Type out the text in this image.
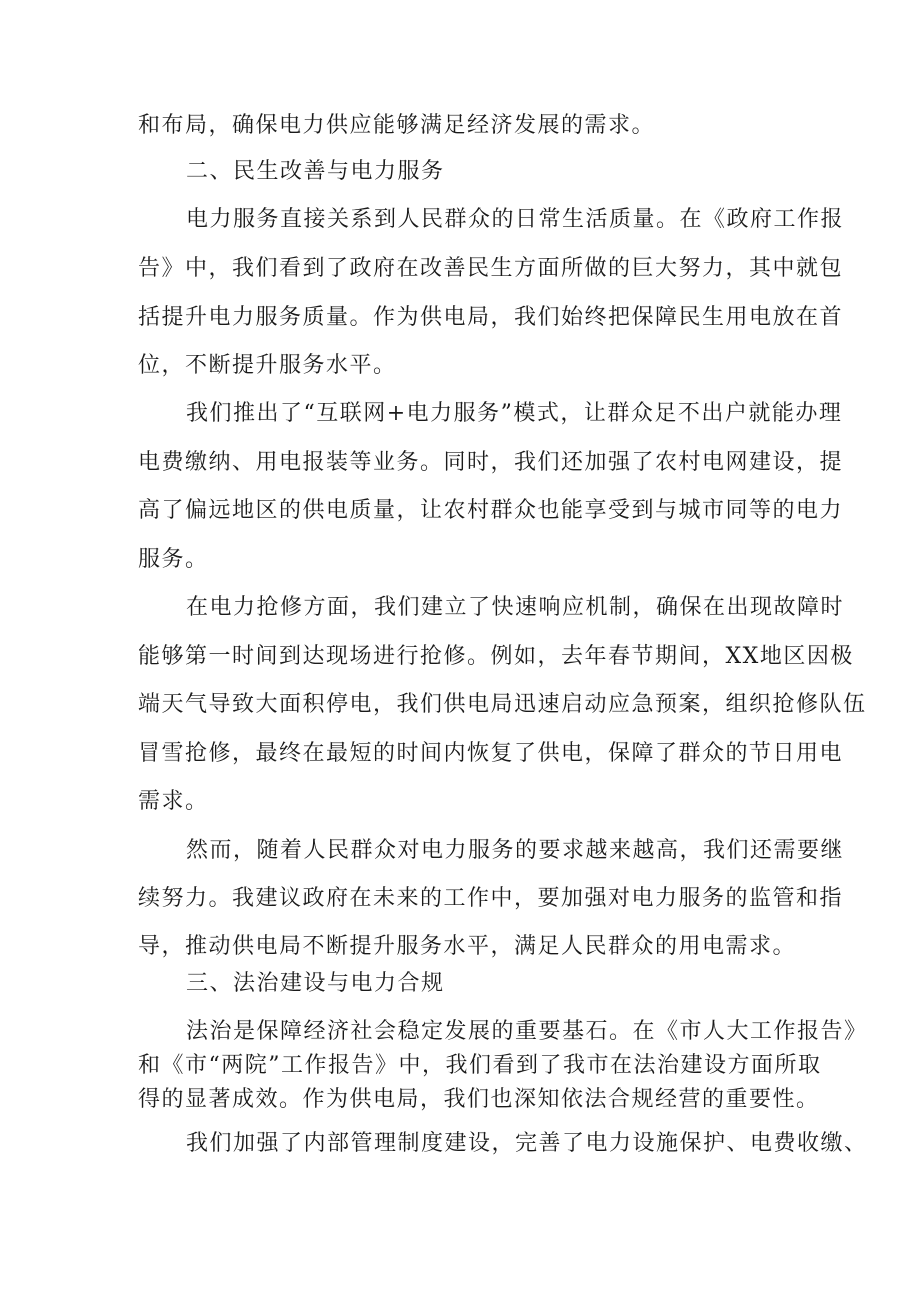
和布局，确保电力供应能够满足经济发展的需求。
二、民生改善与电力服务
电力服务直接关系到人民群众的日常生活质量。在《政府工作报
告》中，我们看到了政府在改善民生方面所做的巨大努力，其中就包
括提升电力服务质量。作为供电局，我们始终把保障民生用电放在首
位，不断提升服务水平。
我们推出了“互联网+电力服务”模式，让群众足不出户就能办理
电费缴纳、用电报装等业务。同时，我们还加强了农村电网建设，提
高了偏远地区的供电质量，让农村群众也能享受到与城市同等的电力
服务。
在电力抢修方面，我们建立了快速响应机制，确保在出现故障时
能够第一时间到达现场进行抢修。例如，去年春节期间，XX地区因极
端天气导致大面积停电，我们供电局迅速启动应急预案，组织抢修队伍
冒雪抢修，最终在最短的时间内恢复了供电，保障了群众的节日用电
需求。
然而，随着人民群众对电力服务的要求越来越高，我们还需要继
续努力。我建议政府在未来的工作中，要加强对电力服务的监管和指
导，推动供电局不断提升服务水平，满足人民群众的用电需求。
三、法治建设与电力合规
法治是保障经济社会稳定发展的重要基石。在《市人大工作报告》
和《市“两院”工作报告》中，我们看到了我市在法治建设方面所取
得的显著成效。作为供电局，我们也深知依法合规经营的重要性。
我们加强了内部管理制度建设，完善了电力设施保护、电费收缴、
